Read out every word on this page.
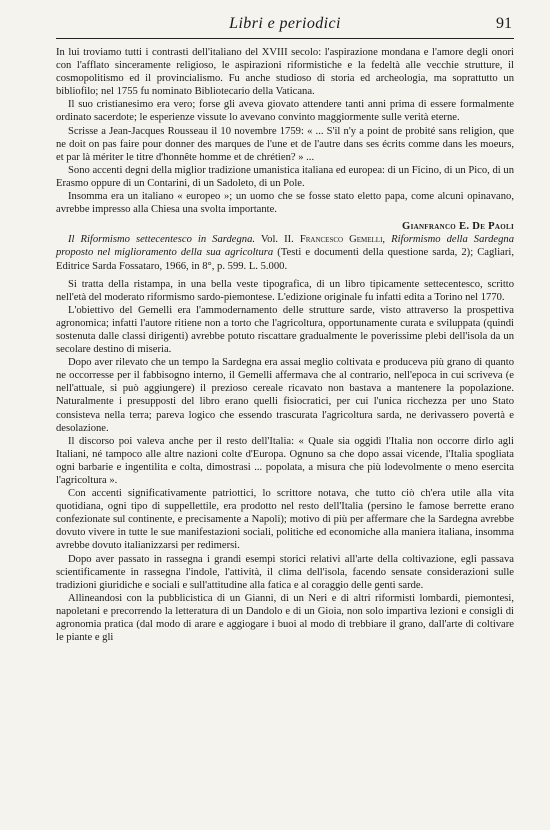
Libri e periodici	91

In lui troviamo tutti i contrasti dell'italiano del XVIII secolo: l'aspirazione mondana e l'amore degli onori con l'afflato sinceramente religioso, le aspirazioni riformistiche e la fedeltà alle vecchie strutture, il cosmopolitismo ed il provincialismo. Fu anche studioso di storia ed archeologia, ma soprattutto un bibliofilo; nel 1755 fu nominato Bibliotecario della Vaticana.

Il suo cristianesimo era vero; forse gli aveva giovato attendere tanti anni prima di essere formalmente ordinato sacerdote; le esperienze vissute lo avevano convinto maggiormente sulle verità eterne.

Scrisse a Jean-Jacques Rousseau il 10 novembre 1759: « ... S'il n'y a point de probité sans religion, que ne doit on pas faire pour donner des marques de l'une et de l'autre dans ses écrits comme dans les moeurs, et par là mériter le titre d'honnête homme et de chrétien? » ...

Sono accenti degni della miglior tradizione umanistica italiana ed europea: di un Ficino, di un Pico, di un Erasmo oppure di un Contarini, di un Sadoleto, di un Pole.

Insomma era un italiano « europeo »; un uomo che se fosse stato eletto papa, come alcuni opinavano, avrebbe impresso alla Chiesa una svolta importante.

Gianfranco E. De Paoli

Il Riformismo settecentesco in Sardegna. Vol. II. Francesco Gemelli, Riformismo della Sardegna proposto nel miglioramento della sua agricoltura (Testi e documenti della questione sarda, 2); Cagliari, Editrice Sarda Fossataro, 1966, in 8°, p. 599. L. 5.000.

Si tratta della ristampa, in una bella veste tipografica, di un libro tipicamente settecentesco, scritto nell'età del moderato riformismo sardo-piemontese. L'edizione originale fu infatti edita a Torino nel 1770.

L'obiettivo del Gemelli era l'ammodernamento delle strutture sarde, visto attraverso la prospettiva agronomica; infatti l'autore ritiene non a torto che l'agricoltura, opportunamente curata e sviluppata (quindi sostenuta dalle classi dirigenti) avrebbe potuto riscattare gradualmente le poverissime plebi dell'isola da un secolare destino di miseria.

Dopo aver rilevato che un tempo la Sardegna era assai meglio coltivata e produceva più grano di quanto ne occorresse per il fabbisogno interno, il Gemelli affermava che al contrario, nell'epoca in cui scriveva (e nell'attuale, si può aggiungere) il prezioso cereale ricavato non bastava a mantenere la popolazione. Naturalmente i presupposti del libro erano quelli fisiocratici, per cui l'unica ricchezza per uno Stato consisteva nella terra; pareva logico che essendo trascurata l'agricoltura sarda, ne derivassero povertà e desolazione.

Il discorso poi valeva anche per il resto dell'Italia: « Quale sia oggidì l'Italia non occorre dirlo agli Italiani, né tampoco alle altre nazioni colte d'Europa. Ognuno sa che dopo assai vicende, l'Italia spogliata ogni barbarie e ingentilita e colta, dimostrasi ... popolata, a misura che più lodevolmente o meno esercita l'agricoltura ».

Con accenti significativamente patriottici, lo scrittore notava, che tutto ciò ch'era utile alla vita quotidiana, ogni tipo di suppellettile, era prodotto nel resto dell'Italia (persino le famose berrette erano confezionate sul continente, e precisamente a Napoli); motivo di più per affermare che la Sardegna avrebbe dovuto vivere in tutte le sue manifestazioni sociali, politiche ed economiche alla maniera italiana, insomma avrebbe dovuto italianizzarsi per redimersi.

Dopo aver passato in rassegna i grandi esempi storici relativi all'arte della coltivazione, egli passava scientificamente in rassegna l'indole, l'attività, il clima dell'isola, facendo sensate considerazioni sulle tradizioni giuridiche e sociali e sull'attitudine alla fatica e al coraggio delle genti sarde.

Allineandosi con la pubblicistica di un Gianni, di un Neri e di altri riformisti lombardi, piemontesi, napoletani e precorrendo la letteratura di un Dandolo e di un Gioia, non solo impartiva lezioni e consigli di agronomia pratica (dal modo di arare e aggiogare i buoi al modo di trebbiare il grano, dall'arte di coltivare le piante e gli
